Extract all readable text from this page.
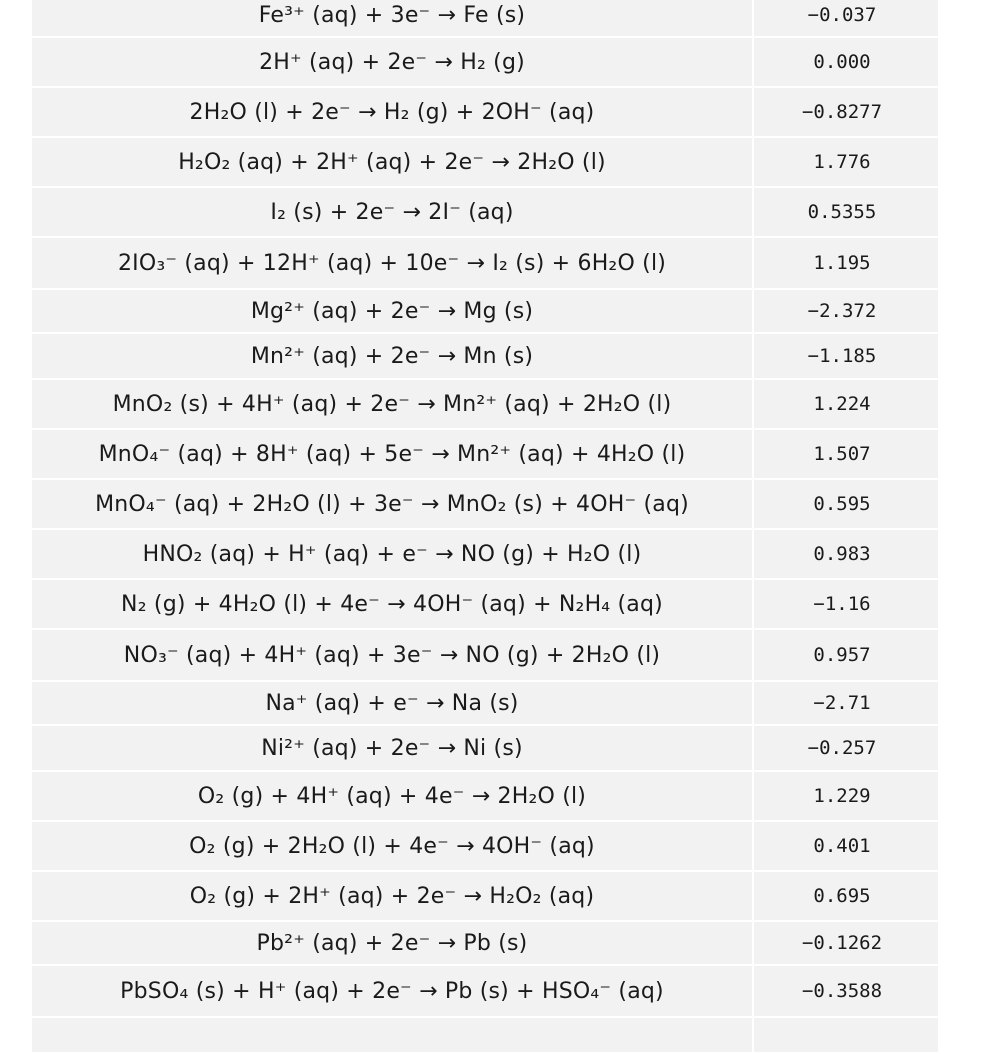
Fe³⁺ (aq) + 3e⁻ → Fe (s)	−0.037
2H⁺ (aq) + 2e⁻ → H₂ (g)	0.000
2H₂O (l) + 2e⁻ → H₂ (g) + 2OH⁻ (aq)	−0.8277
H₂O₂ (aq) + 2H⁺ (aq) + 2e⁻ → 2H₂O (l)	1.776
I₂ (s) + 2e⁻ → 2I⁻ (aq)	0.5355
2IO₃⁻ (aq) + 12H⁺ (aq) + 10e⁻ → I₂ (s) + 6H₂O (l)	1.195
Mg²⁺ (aq) + 2e⁻ → Mg (s)	−2.372
Mn²⁺ (aq) + 2e⁻ → Mn (s)	−1.185
MnO₂ (s) + 4H⁺ (aq) + 2e⁻ → Mn²⁺ (aq) + 2H₂O (l)	1.224
MnO₄⁻ (aq) + 8H⁺ (aq) + 5e⁻ → Mn²⁺ (aq) + 4H₂O (l)	1.507
MnO₄⁻ (aq) + 2H₂O (l) + 3e⁻ → MnO₂ (s) + 4OH⁻ (aq)	0.595
HNO₂ (aq) + H⁺ (aq) + e⁻ → NO (g) + H₂O (l)	0.983
N₂ (g) + 4H₂O (l) + 4e⁻ → 4OH⁻ (aq) + N₂H₄ (aq)	−1.16
NO₃⁻ (aq) + 4H⁺ (aq) + 3e⁻ → NO (g) + 2H₂O (l)	0.957
Na⁺ (aq) + e⁻ → Na (s)	−2.71
Ni²⁺ (aq) + 2e⁻ → Ni (s)	−0.257
O₂ (g) + 4H⁺ (aq) + 4e⁻ → 2H₂O (l)	1.229
O₂ (g) + 2H₂O (l) + 4e⁻ → 4OH⁻ (aq)	0.401
O₂ (g) + 2H⁺ (aq) + 2e⁻ → H₂O₂ (aq)	0.695
Pb²⁺ (aq) + 2e⁻ → Pb (s)	−0.1262
PbSO₄ (s) + H⁺ (aq) + 2e⁻ → Pb (s) + HSO₄⁻ (aq)	−0.3588
